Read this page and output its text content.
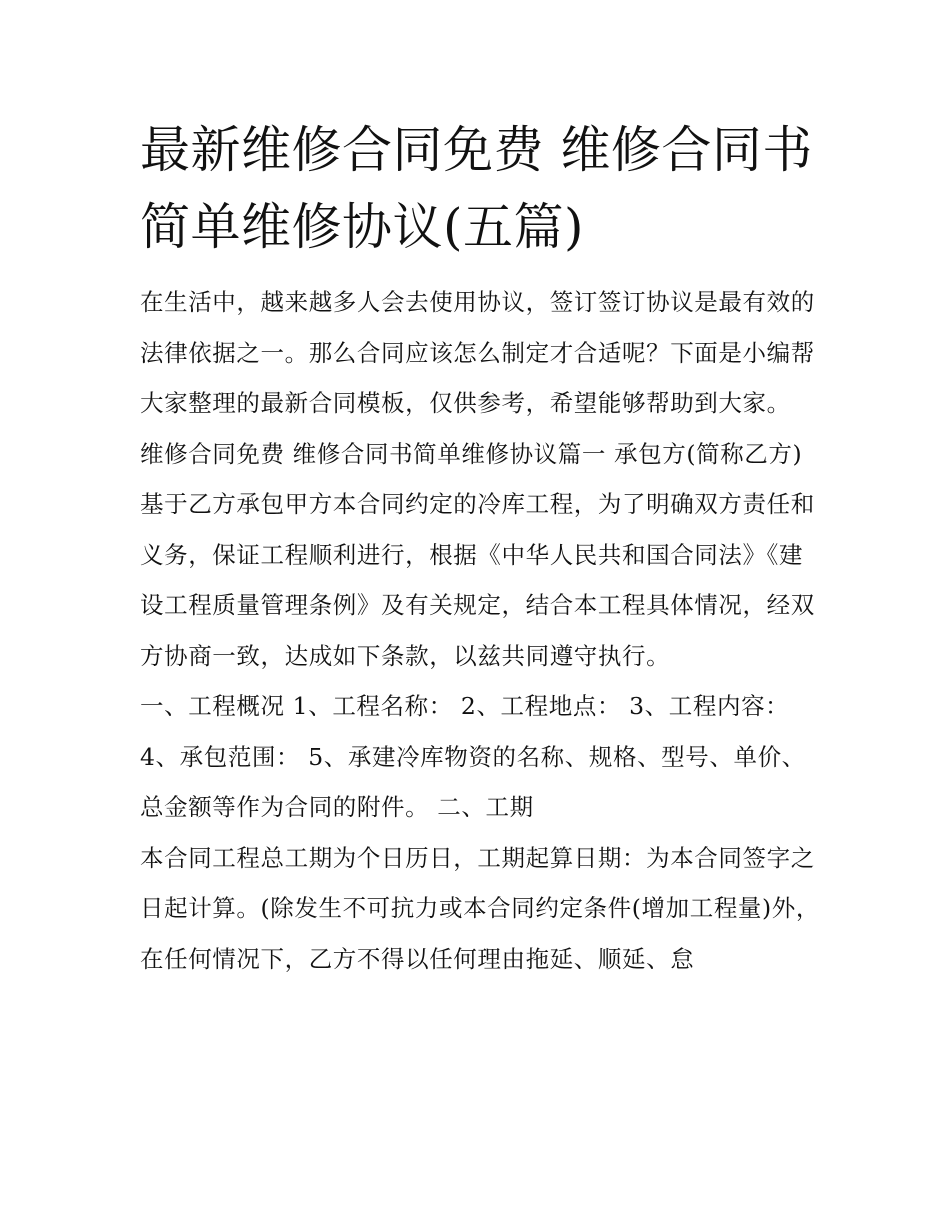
最新维修合同免费 维修合同书简单维修协议(五篇)

在生活中，越来越多人会去使用协议，签订签订协议是最有效的法律依据之一。那么合同应该怎么制定才合适呢？下面是小编帮大家整理的最新合同模板，仅供参考，希望能够帮助到大家。

维修合同免费 维修合同书简单维修协议篇一 承包方(简称乙方)

基于乙方承包甲方本合同约定的冷库工程，为了明确双方责任和义务，保证工程顺利进行，根据《中华人民共和国合同法》《建设工程质量管理条例》及有关规定，结合本工程具体情况，经双方协商一致，达成如下条款，以兹共同遵守执行。

一、工程概况 1、工程名称： 2、工程地点： 3、工程内容： 4、承包范围： 5、承建冷库物资的名称、规格、型号、单价、总金额等作为合同的附件。 二、工期

本合同工程总工期为个日历日，工期起算日期：为本合同签字之日起计算。(除发生不可抗力或本合同约定条件(增加工程量)外，在任何情况下，乙方不得以任何理由拖延、顺延、怠
